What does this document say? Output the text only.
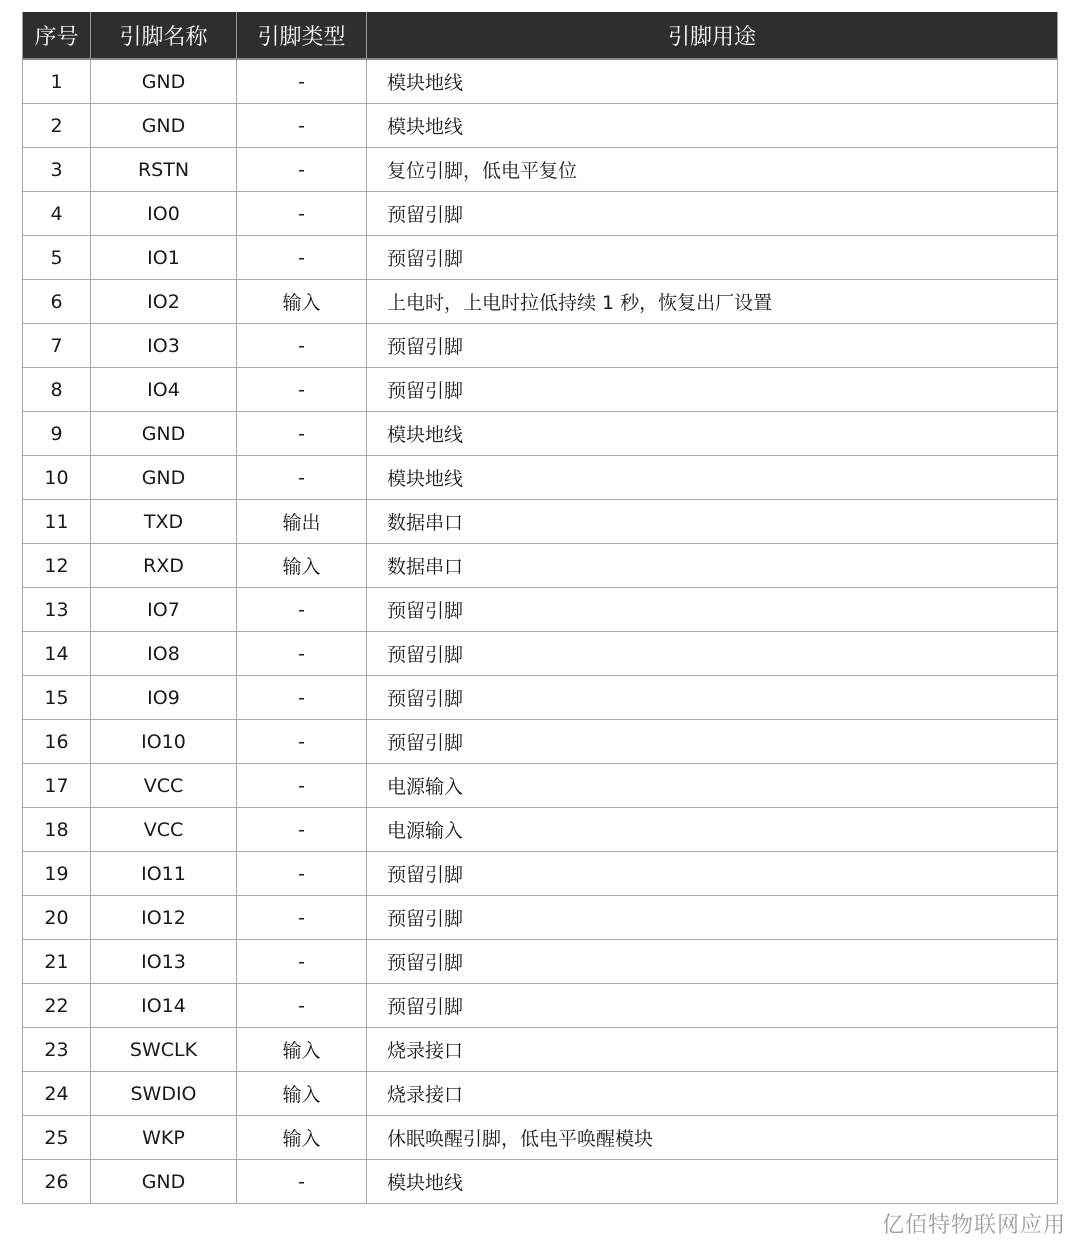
序号	引脚名称	引脚类型	引脚用途
1	GND	-	模块地线
2	GND	-	模块地线
3	RSTN	-	复位引脚，低电平复位
4	IO0	-	预留引脚
5	IO1	-	预留引脚
6	IO2	输入	上电时，上电时拉低持续 1 秒，恢复出厂设置
7	IO3	-	预留引脚
8	IO4	-	预留引脚
9	GND	-	模块地线
10	GND	-	模块地线
11	TXD	输出	数据串口
12	RXD	输入	数据串口
13	IO7	-	预留引脚
14	IO8	-	预留引脚
15	IO9	-	预留引脚
16	IO10	-	预留引脚
17	VCC	-	电源输入
18	VCC	-	电源输入
19	IO11	-	预留引脚
20	IO12	-	预留引脚
21	IO13	-	预留引脚
22	IO14	-	预留引脚
23	SWCLK	输入	烧录接口
24	SWDIO	输入	烧录接口
25	WKP	输入	休眠唤醒引脚，低电平唤醒模块
26	GND	-	模块地线
亿佰特物联网应用
